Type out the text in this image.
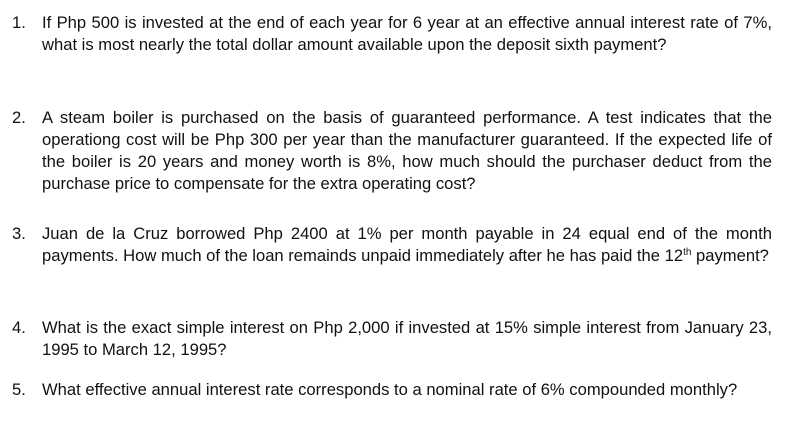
1. If Php 500 is invested at the end of each year for 6 year at an effective annual interest rate of 7%, what is most nearly the total dollar amount available upon the deposit sixth payment?
2. A steam boiler is purchased on the basis of guaranteed performance. A test indicates that the operationg cost will be Php 300 per year than the manufacturer guaranteed. If the expected life of the boiler is 20 years and money worth is 8%, how much should the purchaser deduct from the purchase price to compensate for the extra operating cost?
3. Juan de la Cruz borrowed Php 2400 at 1% per month payable in 24 equal end of the month payments. How much of the loan remainds unpaid immediately after he has paid the 12th payment?
4. What is the exact simple interest on Php 2,000 if invested at 15% simple interest from January 23, 1995 to March 12, 1995?
5. What effective annual interest rate corresponds to a nominal rate of 6% compounded monthly?
